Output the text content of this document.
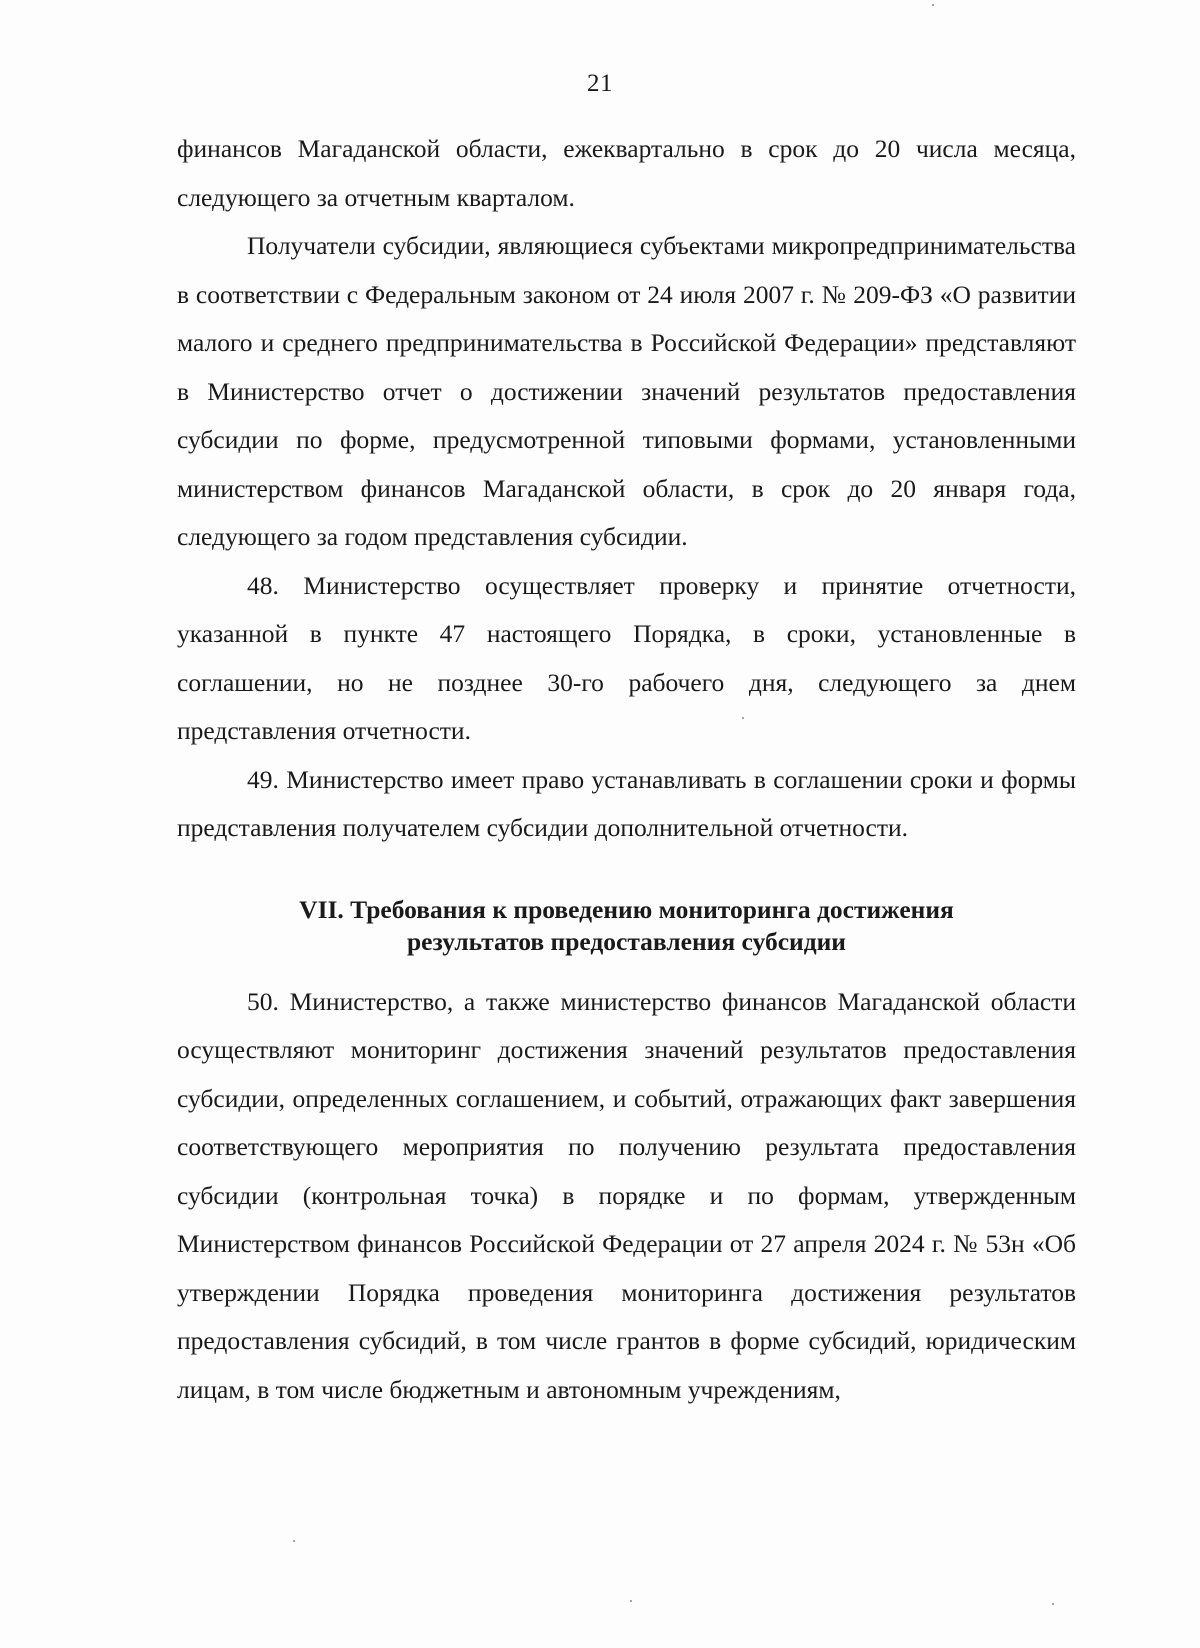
21

финансов Магаданской области, ежеквартально в срок до 20 числа месяца, следующего за отчетным кварталом.

Получатели субсидии, являющиеся субъектами микропредпринимательства в соответствии с Федеральным законом от 24 июля 2007 г. № 209-ФЗ «О развитии малого и среднего предпринимательства в Российской Федерации» представляют в Министерство отчет о достижении значений результатов предоставления субсидии по форме, предусмотренной типовыми формами, установленными министерством финансов Магаданской области, в срок до 20 января года, следующего за годом представления субсидии.

48. Министерство осуществляет проверку и принятие отчетности, указанной в пункте 47 настоящего Порядка, в сроки, установленные в соглашении, но не позднее 30-го рабочего дня, следующего за днем представления отчетности.

49. Министерство имеет право устанавливать в соглашении сроки и формы представления получателем субсидии дополнительной отчетности.

VII. Требования к проведению мониторинга достижения
результатов предоставления субсидии

50. Министерство, а также министерство финансов Магаданской области осуществляют мониторинг достижения значений результатов предоставления субсидии, определенных соглашением, и событий, отражающих факт завершения соответствующего мероприятия по получению результата предоставления субсидии (контрольная точка) в порядке и по формам, утвержденным Министерством финансов Российской Федерации от 27 апреля 2024 г. № 53н «Об утверждении Порядка проведения мониторинга достижения результатов предоставления субсидий, в том числе грантов в форме субсидий, юридическим лицам, в том числе бюджетным и автономным учреждениям,
